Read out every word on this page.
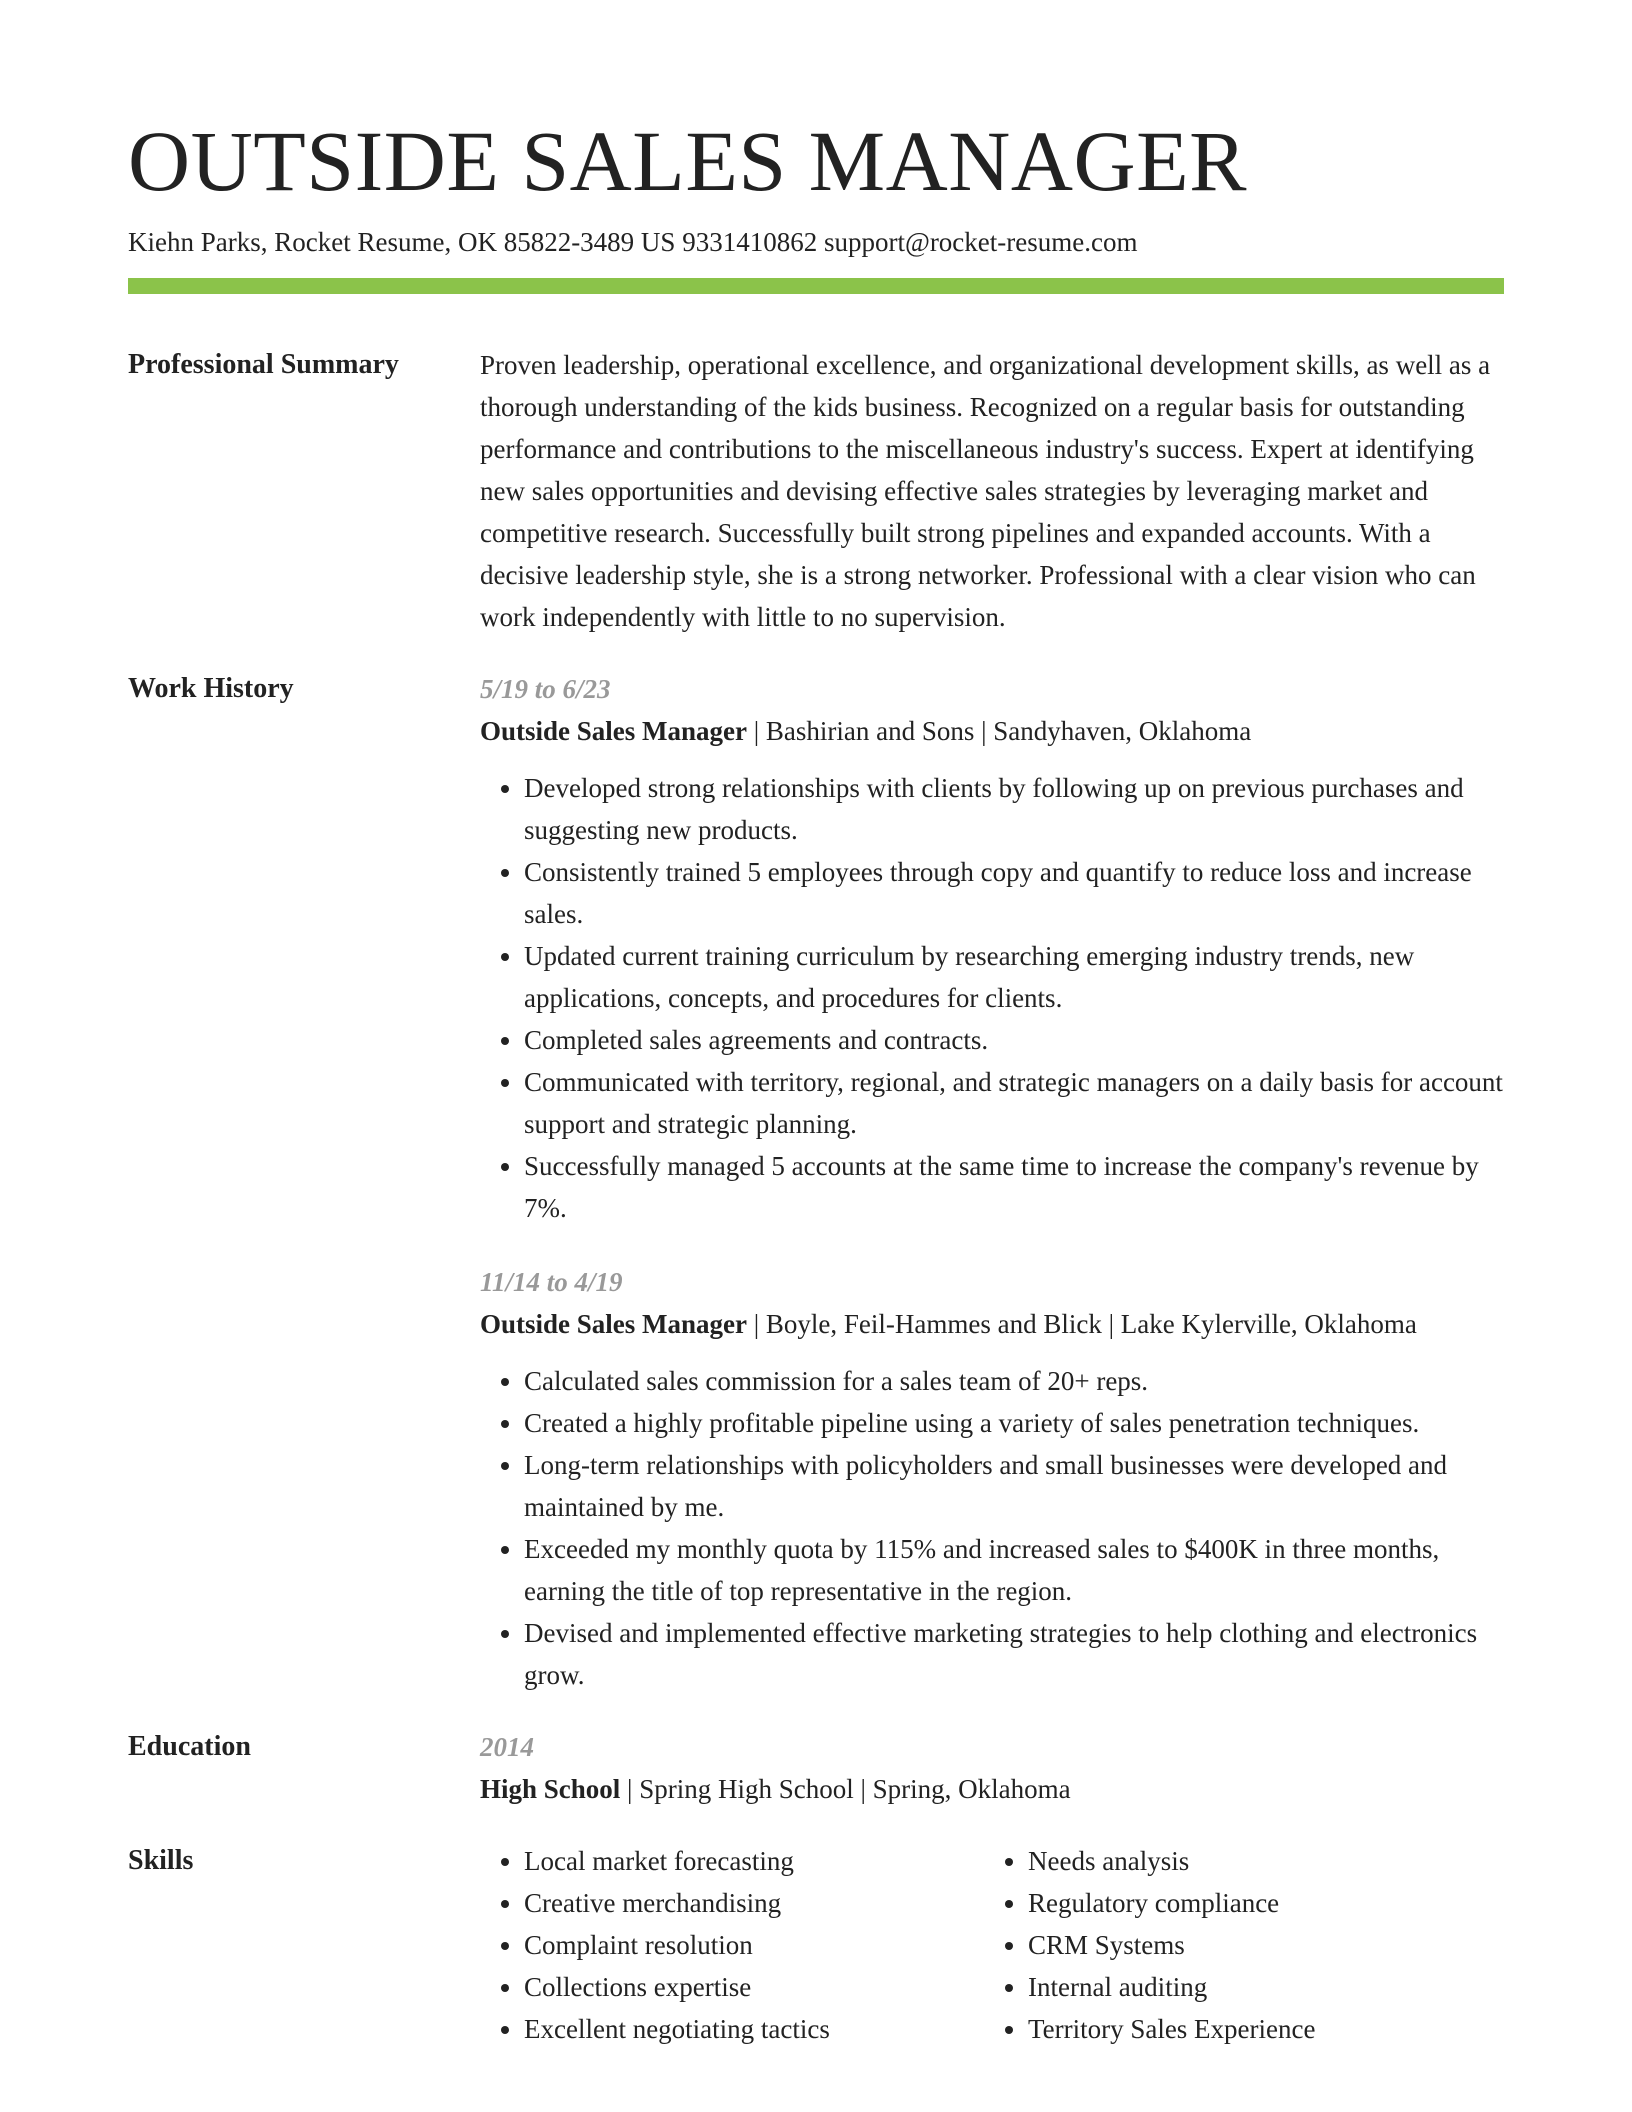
OUTSIDE SALES MANAGER
Kiehn Parks, Rocket Resume, OK 85822-3489 US 9331410862 support@rocket-resume.com
Professional Summary	Proven leadership, operational excellence, and organizational development skills, as well as a thorough understanding of the kids business. Recognized on a regular basis for outstanding performance and contributions to the miscellaneous industry's success. Expert at identifying new sales opportunities and devising effective sales strategies by leveraging market and competitive research. Successfully built strong pipelines and expanded accounts. With a decisive leadership style, she is a strong networker. Professional with a clear vision who can work independently with little to no supervision.
Work History	5/19 to 6/23
Outside Sales Manager | Bashirian and Sons | Sandyhaven, Oklahoma
• Developed strong relationships with clients by following up on previous purchases and suggesting new products.
• Consistently trained 5 employees through copy and quantify to reduce loss and increase sales.
• Updated current training curriculum by researching emerging industry trends, new applications, concepts, and procedures for clients.
• Completed sales agreements and contracts.
• Communicated with territory, regional, and strategic managers on a daily basis for account support and strategic planning.
• Successfully managed 5 accounts at the same time to increase the company's revenue by 7%.
11/14 to 4/19
Outside Sales Manager | Boyle, Feil-Hammes and Blick | Lake Kylerville, Oklahoma
• Calculated sales commission for a sales team of 20+ reps.
• Created a highly profitable pipeline using a variety of sales penetration techniques.
• Long-term relationships with policyholders and small businesses were developed and maintained by me.
• Exceeded my monthly quota by 115% and increased sales to $400K in three months, earning the title of top representative in the region.
• Devised and implemented effective marketing strategies to help clothing and electronics grow.
Education	2014
High School | Spring High School | Spring, Oklahoma
Skills
•	Local market forecasting
• Creative merchandising
• Complaint resolution
• Collections expertise
• Excellent negotiating tactics
• Needs analysis
• Regulatory compliance
• CRM Systems
• Internal auditing
• Territory Sales Experience
